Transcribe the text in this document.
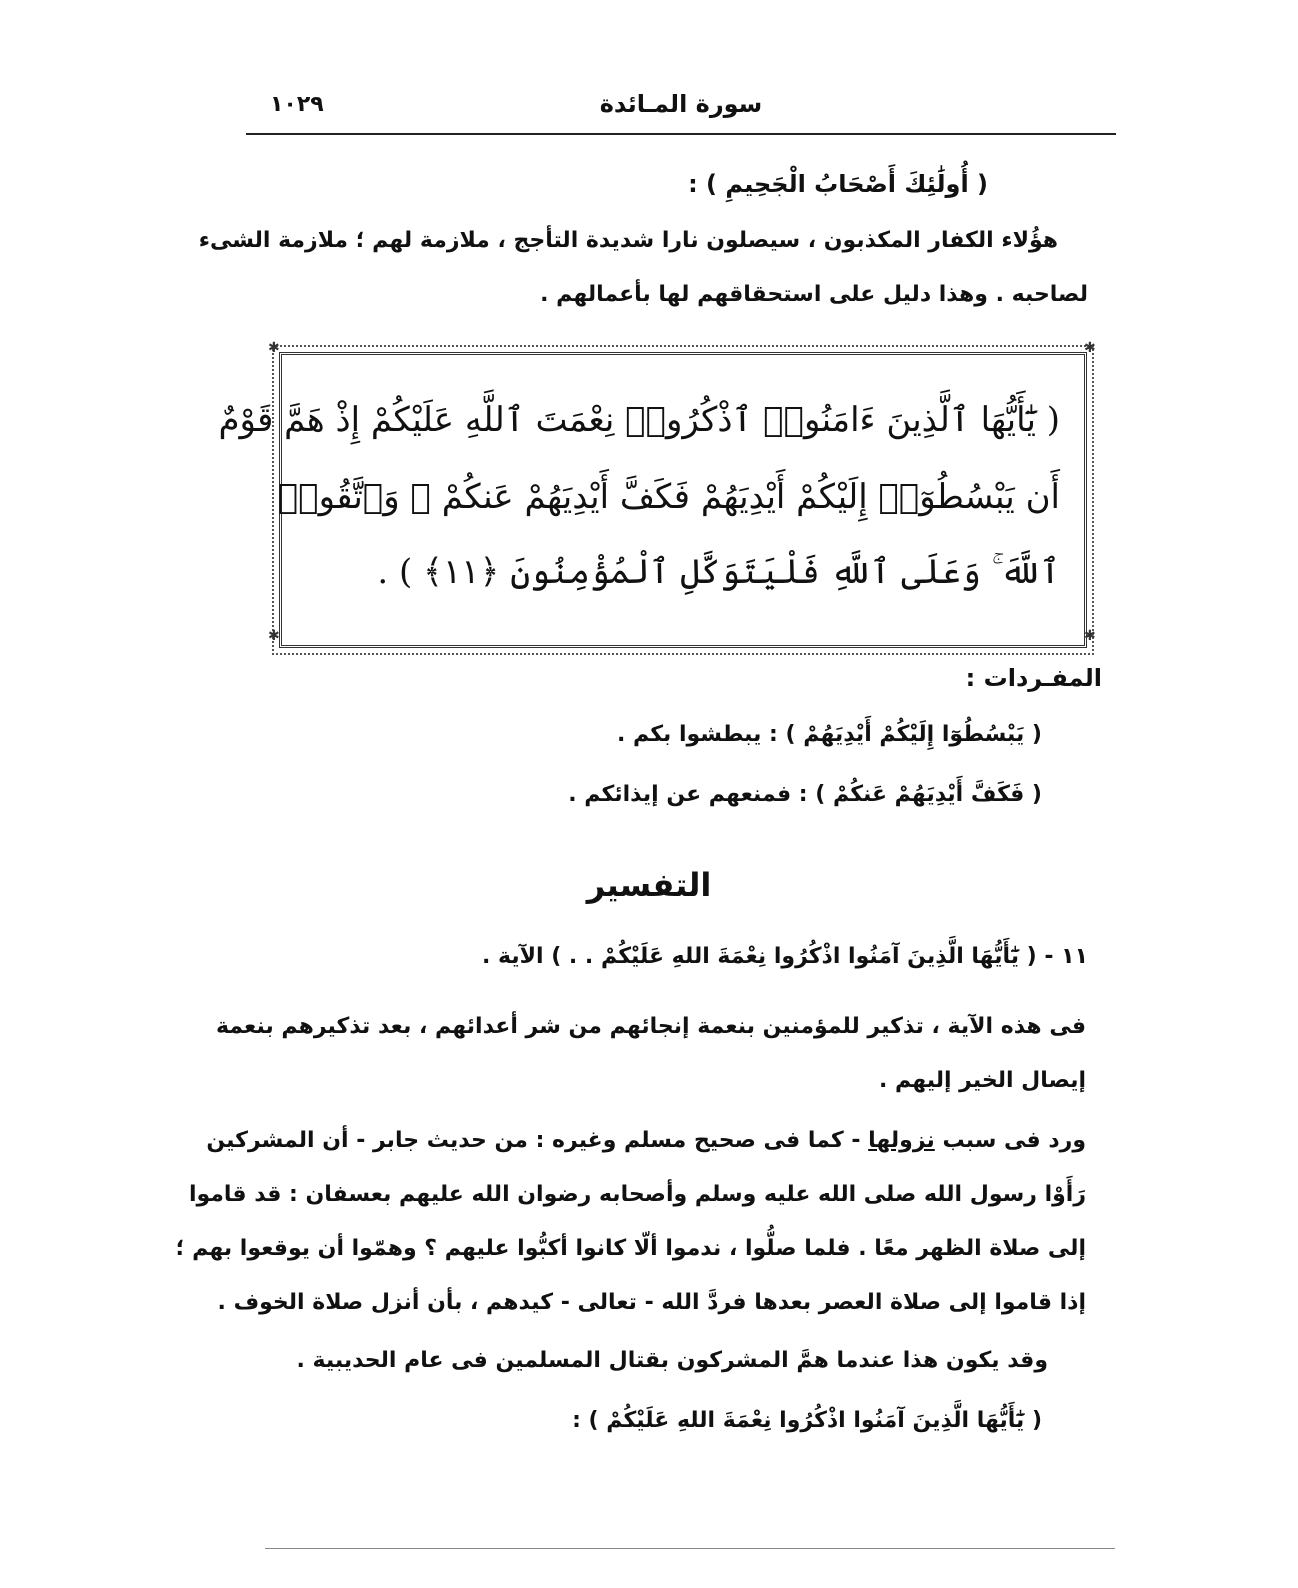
١٠٢٩	سورة المـائدة
( أُولَٰئِكَ أَصْحَابُ الْجَحِيمِ ) :
هؤُلاء الكفار المكذبون ، سيصلون نارا شديدة التأجج ، ملازمة لهم ؛ ملازمة الشىء
لصاحبه . وهذا دليل على استحقاقهم لها بأعمالهم .
( يَٰٓأَيُّهَا ٱلَّذِينَ ءَامَنُوا۟ ٱذْكُرُوا۟ نِعْمَتَ ٱللَّهِ عَلَيْكُمْ إِذْ هَمَّ قَوْمٌ
أَن يَبْسُطُوٓا۟ إِلَيْكُمْ أَيْدِيَهُمْ فَكَفَّ أَيْدِيَهُمْ عَنكُمْ ۖ وَٱتَّقُوا۟
ٱللَّهَ ۚ وَعَلَى ٱللَّهِ فَلْيَتَوَكَّلِ ٱلْمُؤْمِنُونَ ﴿١١﴾ ) .
✱	✱
✱	✱
المفـردات :
( يَبْسُطُوٓا إِلَيْكُمْ أَيْدِيَهُمْ ) : يبطشوا بكم .
( فَكَفَّ أَيْدِيَهُمْ عَنكُمْ ) : فمنعهم عن إيذائكم .
التفسير
١١ - ( يَٰٓأَيُّهَا الَّذِينَ آمَنُوا اذْكُرُوا نِعْمَةَ اللهِ عَلَيْكُمْ . . ) الآية .
فى هذه الآية ، تذكير للمؤمنين بنعمة إنجائهم من شر أعدائهم ، بعد تذكيرهم بنعمة
إيصال الخير إليهم .
ورد فى سبب نزولها - كما فى صحيح مسلم وغيره : من حديث جابر - أن المشركين
رَأَوْا رسول الله صلى الله عليه وسلم وأصحابه رضوان الله عليهم بعسفان : قد قاموا
إلى صلاة الظهر معًا . فلما صلُّوا ، ندموا ألّا كانوا أكبُّوا عليهم ؟ وهمّوا أن يوقعوا بهم ؛
إذا قاموا إلى صلاة العصر بعدها فردَّ الله - تعالى - كيدهم ، بأن أنزل صلاة الخوف .
وقد يكون هذا عندما همَّ المشركون بقتال المسلمين فى عام الحديبية .
( يَٰٓأَيُّهَا الَّذِينَ آمَنُوا اذْكُرُوا نِعْمَةَ اللهِ عَلَيْكُمْ ) :
